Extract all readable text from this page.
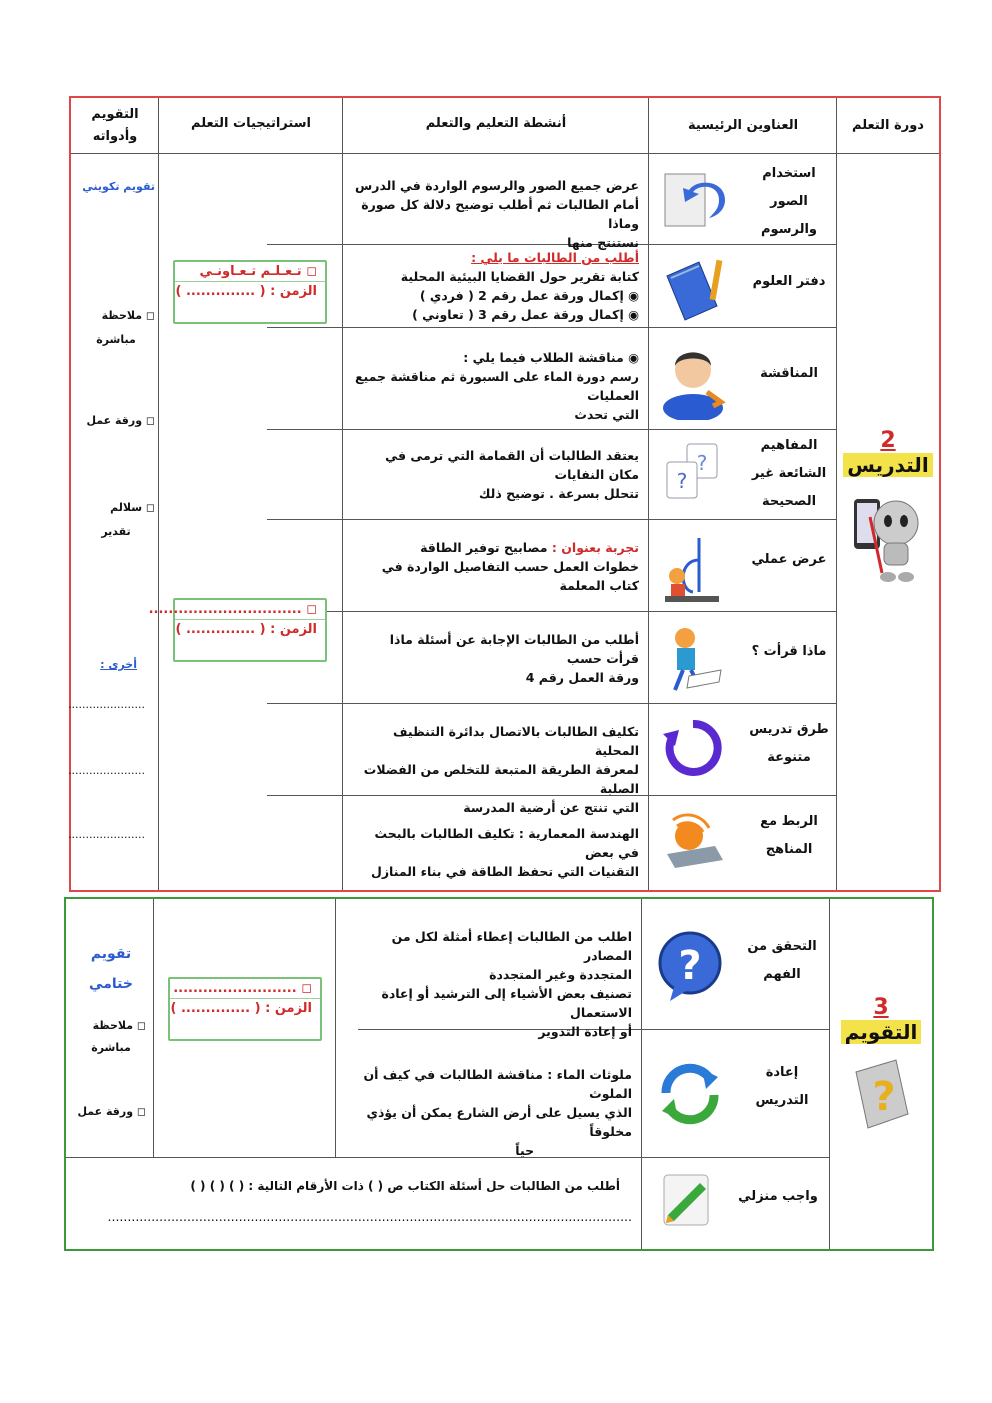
دورة التعلم
العناوين الرئيسية
أنشطة التعليم والتعلم
استراتيجيات التعلم
التقويم
وأدواته
2
التدريس
استخدام
الصور
والرسوم
عرض جميع الصور والرسوم الواردة في الدرس
أمام الطالبات ثم أطلب توضيح دلالة كل صورة وماذا
نستنتج منها
دفتر العلوم
أطلب من الطالبات ما يلي :
كتابة تقرير حول القضايا البيئية المحلية
◉ إكمال ورقة عمل رقم 2 ( فردي )
◉ إكمال ورقة عمل رقم 3 ( تعاوني )
المناقشة
◉ مناقشة الطلاب فيما يلي :
رسم دورة الماء على السبورة ثم مناقشة جميع العمليات
التي تحدث
المفاهيم
الشائعة غير
الصحيحة
?
?
يعتقد الطالبات أن القمامة التي ترمى في مكان النفايات
تتحلل بسرعة . توضيح ذلك
عرض عملي
تجربة بعنوان : مصابيح توفير الطاقة
خطوات العمل حسب التفاصيل الواردة في كتاب المعلمة
ماذا قرأت ؟
أطلب من الطالبات الإجابة عن أسئلة ماذا قرأت حسب
ورقة العمل رقم 4
طرق تدريس
متنوعة
تكليف الطالبات بالاتصال بدائرة التنظيف المحلية
لمعرفة الطريقة المتبعة للتخلص من الفضلات الصلبة
التي تنتج عن أرضية المدرسة
الربط مع
المناهج
الهندسة المعمارية : تكليف الطالبات بالبحث في بعض
التقنيات التي تحفظ الطاقة في بناء المنازل
◻ تـعـلـم تـعـاونـي
الزمن : ( .............. )
◻ ...............................
الزمن : ( .............. )
تقويم تكويني
◻ ملاحظة
مباشرة
◻ ورقة عمل
◻ سلالم
تقدير
أخرى :
......................
......................
......................
3
التقويم
?
التحقق من
الفهم
?
اطلب من الطالبات إعطاء أمثلة لكل من المصادر
المتجددة وغير المتجددة
تصنيف بعض الأشياء إلى الترشيد أو إعادة الاستعمال
أو إعادة التدوير
إعادة
التدريس
ملوثات الماء : مناقشة الطالبات في كيف أن الملوث
الذي يسيل على أرض الشارع يمكن أن يؤذي مخلوقاً
حياً
واجب منزلي
أطلب من الطالبات حل أسئلة الكتاب ص ( ) ذات الأرقام التالية : ( ) ( ) ( )
....................................................................................................................................
◻ .........................
الزمن : ( .............. )
تقويم
ختامي
◻ ملاحظة
مباشرة
◻ ورقة عمل
